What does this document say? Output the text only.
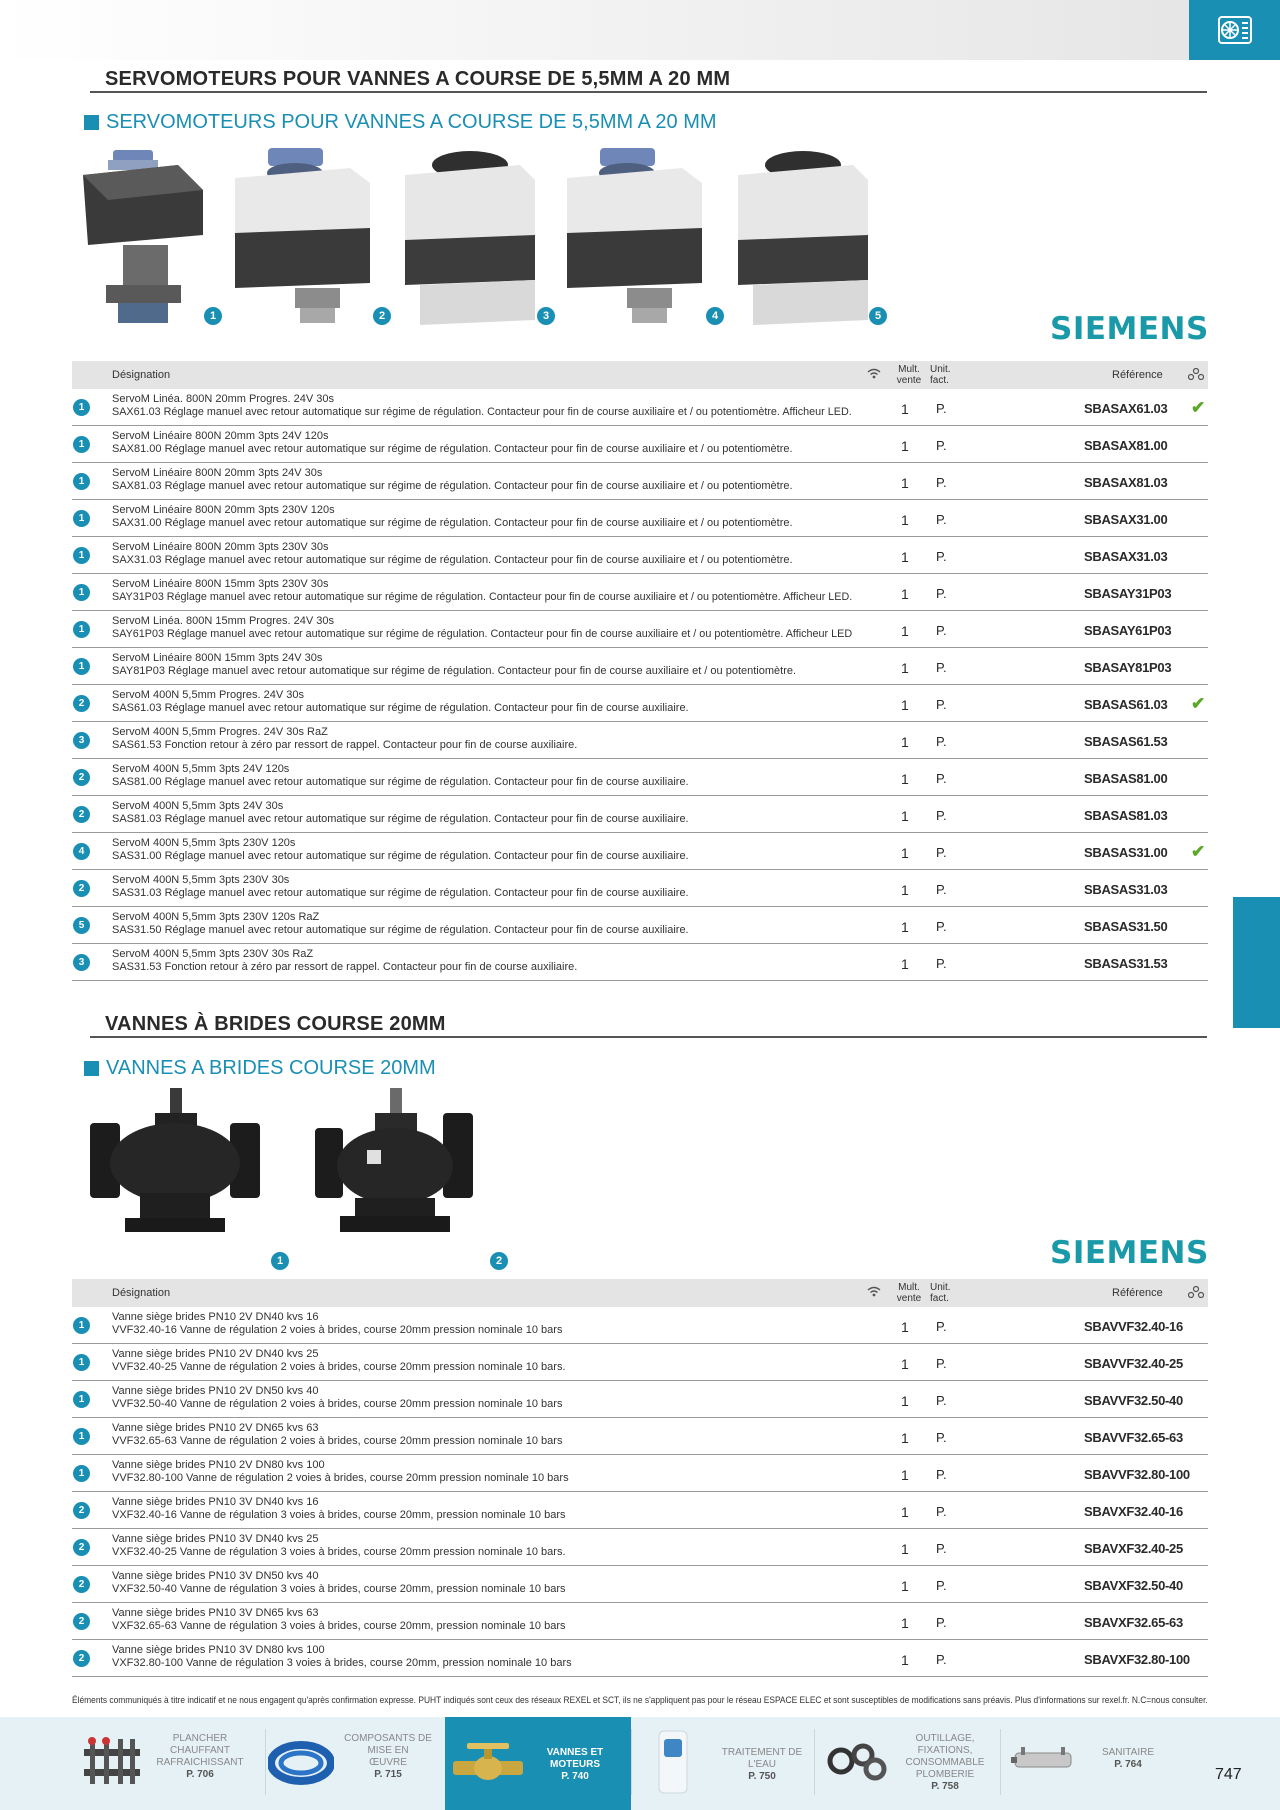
SERVOMOTEURS POUR VANNES A COURSE DE 5,5MM A 20 MM
SERVOMOTEURS POUR VANNES A COURSE DE 5,5MM A 20 MM
1	2	3	4	5	SIEMENS
Désignation	Mult.
vente
Unit.
fact.	Référence
1
ServoM Linéa. 800N 20mm Progres. 24V 30s
SAX61.03 Réglage manuel avec retour automatique sur régime de régulation. Contacteur pour fin de course auxiliaire et / ou potentiomètre. Afficheur LED.	1 P.	SBASAX61.03 ✔
1
ServoM Linéaire 800N 20mm 3pts 24V 120s
SAX81.00 Réglage manuel avec retour automatique sur régime de régulation. Contacteur pour fin de course auxiliaire et / ou potentiomètre.	1 P.	SBASAX81.00
1
ServoM Linéaire 800N 20mm 3pts 24V 30s
SAX81.03 Réglage manuel avec retour automatique sur régime de régulation. Contacteur pour fin de course auxiliaire et / ou potentiomètre.	1 P.	SBASAX81.03
1
ServoM Linéaire 800N 20mm 3pts 230V 120s
SAX31.00 Réglage manuel avec retour automatique sur régime de régulation. Contacteur pour fin de course auxiliaire et / ou potentiomètre.	1 P.	SBASAX31.00
1
ServoM Linéaire 800N 20mm 3pts 230V 30s
SAX31.03 Réglage manuel avec retour automatique sur régime de régulation. Contacteur pour fin de course auxiliaire et / ou potentiomètre.	1 P.	SBASAX31.03
1
ServoM Linéaire 800N 15mm 3pts 230V 30s
SAY31P03 Réglage manuel avec retour automatique sur régime de régulation. Contacteur pour fin de course auxiliaire et / ou potentiomètre. Afficheur LED.	1 P.	SBASAY31P03
1
ServoM Linéa. 800N 15mm Progres. 24V 30s
SAY61P03 Réglage manuel avec retour automatique sur régime de régulation. Contacteur pour fin de course auxiliaire et / ou potentiomètre. Afficheur LED	1 P.	SBASAY61P03
1
ServoM Linéaire 800N 15mm 3pts 24V 30s
SAY81P03 Réglage manuel avec retour automatique sur régime de régulation. Contacteur pour fin de course auxiliaire et / ou potentiomètre.	1 P.	SBASAY81P03
2
ServoM 400N 5,5mm Progres. 24V 30s
SAS61.03 Réglage manuel avec retour automatique sur régime de régulation. Contacteur pour fin de course auxiliaire.	1 P.	SBASAS61.03 ✔
3
ServoM 400N 5,5mm Progres. 24V 30s RaZ
SAS61.53 Fonction retour à zéro par ressort de rappel. Contacteur pour fin de course auxiliaire.	1 P.	SBASAS61.53
2
ServoM 400N 5,5mm 3pts 24V 120s
SAS81.00 Réglage manuel avec retour automatique sur régime de régulation. Contacteur pour fin de course auxiliaire.	1 P.	SBASAS81.00
2
ServoM 400N 5,5mm 3pts 24V 30s
SAS81.03 Réglage manuel avec retour automatique sur régime de régulation. Contacteur pour fin de course auxiliaire.	1 P.	SBASAS81.03
4
ServoM 400N 5,5mm 3pts 230V 120s
SAS31.00 Réglage manuel avec retour automatique sur régime de régulation. Contacteur pour fin de course auxiliaire.	1 P.	SBASAS31.00 ✔
2
ServoM 400N 5,5mm 3pts 230V 30s
SAS31.03 Réglage manuel avec retour automatique sur régime de régulation. Contacteur pour fin de course auxiliaire.	1 P.	SBASAS31.03
5
ServoM 400N 5,5mm 3pts 230V 120s RaZ
SAS31.50 Réglage manuel avec retour automatique sur régime de régulation. Contacteur pour fin de course auxiliaire.	1 P.	SBASAS31.50
3
ServoM 400N 5,5mm 3pts 230V 30s RaZ
SAS31.53 Fonction retour à zéro par ressort de rappel. Contacteur pour fin de course auxiliaire.	1 P.	SBASAS31.53
VANNES À BRIDES COURSE 20MM
VANNES A BRIDES COURSE 20MM
1	2	SIEMENS
Désignation	Mult.
vente
Unit.
fact.	Référence
1
Vanne siège brides PN10 2V DN40 kvs 16
VVF32.40-16 Vanne de régulation 2 voies à brides, course 20mm pression nominale 10 bars	1 P.	SBAVVF32.40-16
1
Vanne siège brides PN10 2V DN40 kvs 25
VVF32.40-25 Vanne de régulation 2 voies à brides, course 20mm pression nominale 10 bars.	1 P.	SBAVVF32.40-25
1
Vanne siège brides PN10 2V DN50 kvs 40
VVF32.50-40 Vanne de régulation 2 voies à brides, course 20mm pression nominale 10 bars	1 P.	SBAVVF32.50-40
1
Vanne siège brides PN10 2V DN65 kvs 63
VVF32.65-63 Vanne de régulation 2 voies à brides, course 20mm pression nominale 10 bars	1 P.	SBAVVF32.65-63
1
Vanne siège brides PN10 2V DN80 kvs 100
VVF32.80-100 Vanne de régulation 2 voies à brides, course 20mm pression nominale 10 bars	1 P.	SBAVVF32.80-100
2
Vanne siège brides PN10 3V DN40 kvs 16
VXF32.40-16 Vanne de régulation 3 voies à brides, course 20mm, pression nominale 10 bars	1 P.	SBAVXF32.40-16
2
Vanne siège brides PN10 3V DN40 kvs 25
VXF32.40-25 Vanne de régulation 3 voies à brides, course 20mm pression nominale 10 bars.	1 P.	SBAVXF32.40-25
2
Vanne siège brides PN10 3V DN50 kvs 40
VXF32.50-40 Vanne de régulation 3 voies à brides, course 20mm, pression nominale 10 bars	1 P.	SBAVXF32.50-40
2
Vanne siège brides PN10 3V DN65 kvs 63
VXF32.65-63 Vanne de régulation 3 voies à brides, course 20mm, pression nominale 10 bars	1 P.	SBAVXF32.65-63
2
Vanne siège brides PN10 3V DN80 kvs 100
VXF32.80-100 Vanne de régulation 3 voies à brides, course 20mm, pression nominale 10 bars	1 P.	SBAVXF32.80-100
Éléments communiqués à titre indicatif et ne nous engagent qu'après confirmation expresse. PUHT indiqués sont ceux des réseaux REXEL et SCT, ils ne s'appliquent pas pour le réseau ESPACE ELEC et sont susceptibles de modifications sans préavis. Plus d'informations sur rexel.fr. N.C=nous consulter.
PLANCHER CHAUFFANT
RAFRAICHISSANT
P. 706
COMPOSANTS DE MISE EN
ŒUVRE
P. 715
VANNES ET MOTEURS
P. 740
TRAITEMENT DE L'EAU
P. 750
OUTILLAGE, FIXATIONS,
CONSOMMABLE PLOMBERIE
P. 758
SANITAIRE
P. 764
747
